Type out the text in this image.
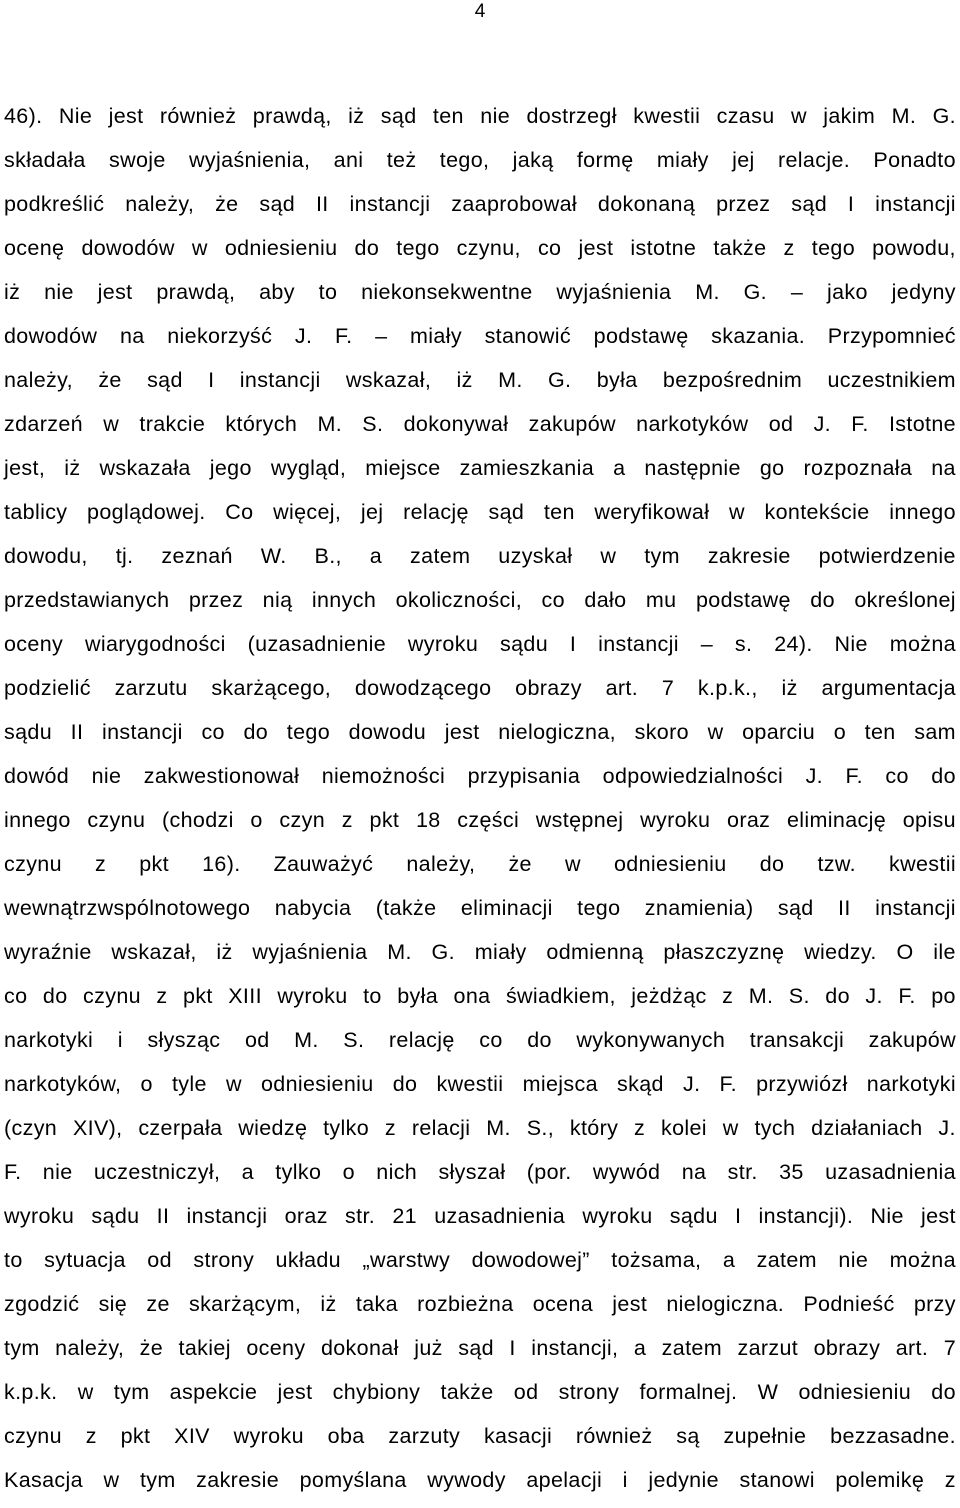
4
46). Nie jest również prawdą, iż sąd ten nie dostrzegł kwestii czasu w jakim M. G.
składała swoje wyjaśnienia, ani też tego, jaką formę miały jej relacje. Ponadto
podkreślić należy, że sąd II instancji zaaprobował dokonaną przez sąd I instancji
ocenę dowodów w odniesieniu do tego czynu, co jest istotne także z tego powodu,
iż nie jest prawdą, aby to niekonsekwentne wyjaśnienia M. G. – jako jedyny
dowodów na niekorzyść J. F. – miały stanowić podstawę skazania. Przypomnieć
należy, że sąd I instancji wskazał, iż M. G. była bezpośrednim uczestnikiem
zdarzeń w trakcie których M. S. dokonywał zakupów narkotyków od J. F. Istotne
jest, iż wskazała jego wygląd, miejsce zamieszkania a następnie go rozpoznała na
tablicy poglądowej. Co więcej, jej relację sąd ten weryfikował w kontekście innego
dowodu, tj. zeznań W. B., a zatem uzyskał w tym zakresie potwierdzenie
przedstawianych przez nią innych okoliczności, co dało mu podstawę do określonej
oceny wiarygodności (uzasadnienie wyroku sądu I instancji – s. 24). Nie można
podzielić zarzutu skarżącego, dowodzącego obrazy art. 7 k.p.k., iż argumentacja
sądu II instancji co do tego dowodu jest nielogiczna, skoro w oparciu o ten sam
dowód nie zakwestionował niemożności przypisania odpowiedzialności J. F. co do
innego czynu (chodzi o czyn z pkt 18 części wstępnej wyroku oraz eliminację opisu
czynu z pkt 16). Zauważyć należy, że w odniesieniu do tzw. kwestii
wewnątrzwspólnotowego nabycia (także eliminacji tego znamienia) sąd II instancji
wyraźnie wskazał, iż wyjaśnienia M. G. miały odmienną płaszczyznę wiedzy. O ile
co do czynu z pkt XIII wyroku to była ona świadkiem, jeżdżąc z M. S. do J. F. po
narkotyki i słysząc od M. S. relację co do wykonywanych transakcji zakupów
narkotyków, o tyle w odniesieniu do kwestii miejsca skąd J. F. przywiózł narkotyki
(czyn XIV), czerpała wiedzę tylko z relacji M. S., który z kolei w tych działaniach J.
F. nie uczestniczył, a tylko o nich słyszał (por. wywód na str. 35 uzasadnienia
wyroku sądu II instancji oraz str. 21 uzasadnienia wyroku sądu I instancji). Nie jest
to sytuacja od strony układu „warstwy dowodowej” tożsama, a zatem nie można
zgodzić się ze skarżącym, iż taka rozbieżna ocena jest nielogiczna. Podnieść przy
tym należy, że takiej oceny dokonał już sąd I instancji, a zatem zarzut obrazy art. 7
k.p.k. w tym aspekcie jest chybiony także od strony formalnej. W odniesieniu do
czynu z pkt XIV wyroku oba zarzuty kasacji również są zupełnie bezzasadne.
Kasacja w tym zakresie pomyślana wywody apelacji i jedynie stanowi polemikę z
